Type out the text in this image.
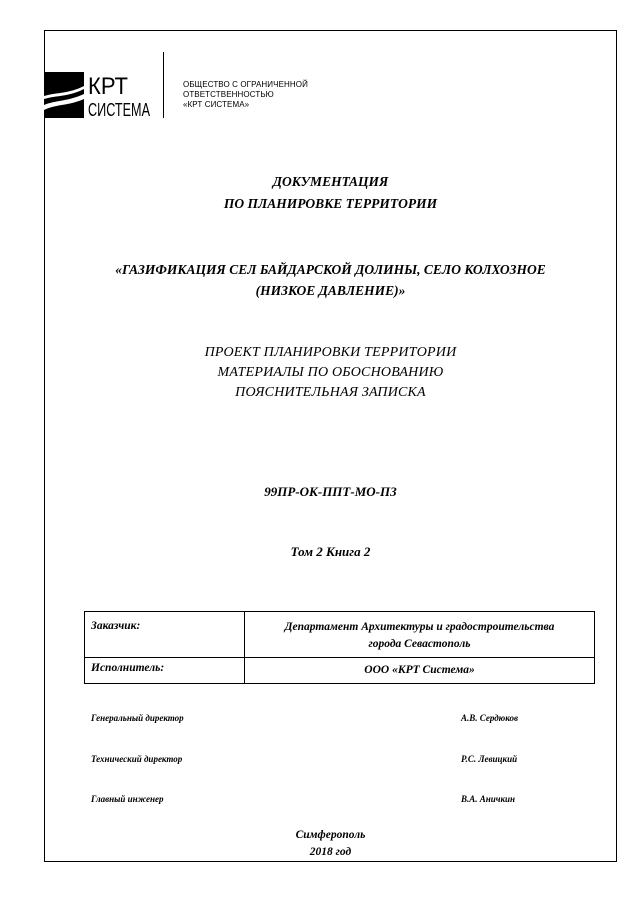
КРТ
СИСТЕМА
ОБЩЕСТВО С ОГРАНИЧЕННОЙ
ОТВЕТСТВЕННОСТЬЮ
«КРТ СИСТЕМА»
ДОКУМЕНТАЦИЯ
ПО ПЛАНИРОВКЕ ТЕРРИТОРИИ
«ГАЗИФИКАЦИЯ СЕЛ БАЙДАРСКОЙ ДОЛИНЫ, СЕЛО КОЛХОЗНОЕ
(НИЗКОЕ ДАВЛЕНИЕ)»
ПРОЕКТ ПЛАНИРОВКИ ТЕРРИТОРИИ
МАТЕРИАЛЫ ПО ОБОСНОВАНИЮ
ПОЯСНИТЕЛЬНАЯ ЗАПИСКА
99ПР-ОК-ППТ-МО-ПЗ
Том 2 Книга 2
Заказчик:	Департамент Архитектуры и градостроительства
города Севастополь

Исполнитель:	ООО «КРТ Система»
Генеральный директор	А.В. Сердюков
Технический директор	Р.С. Левицкий
Главный инженер	В.А. Аничкин
Симферополь
2018 год
